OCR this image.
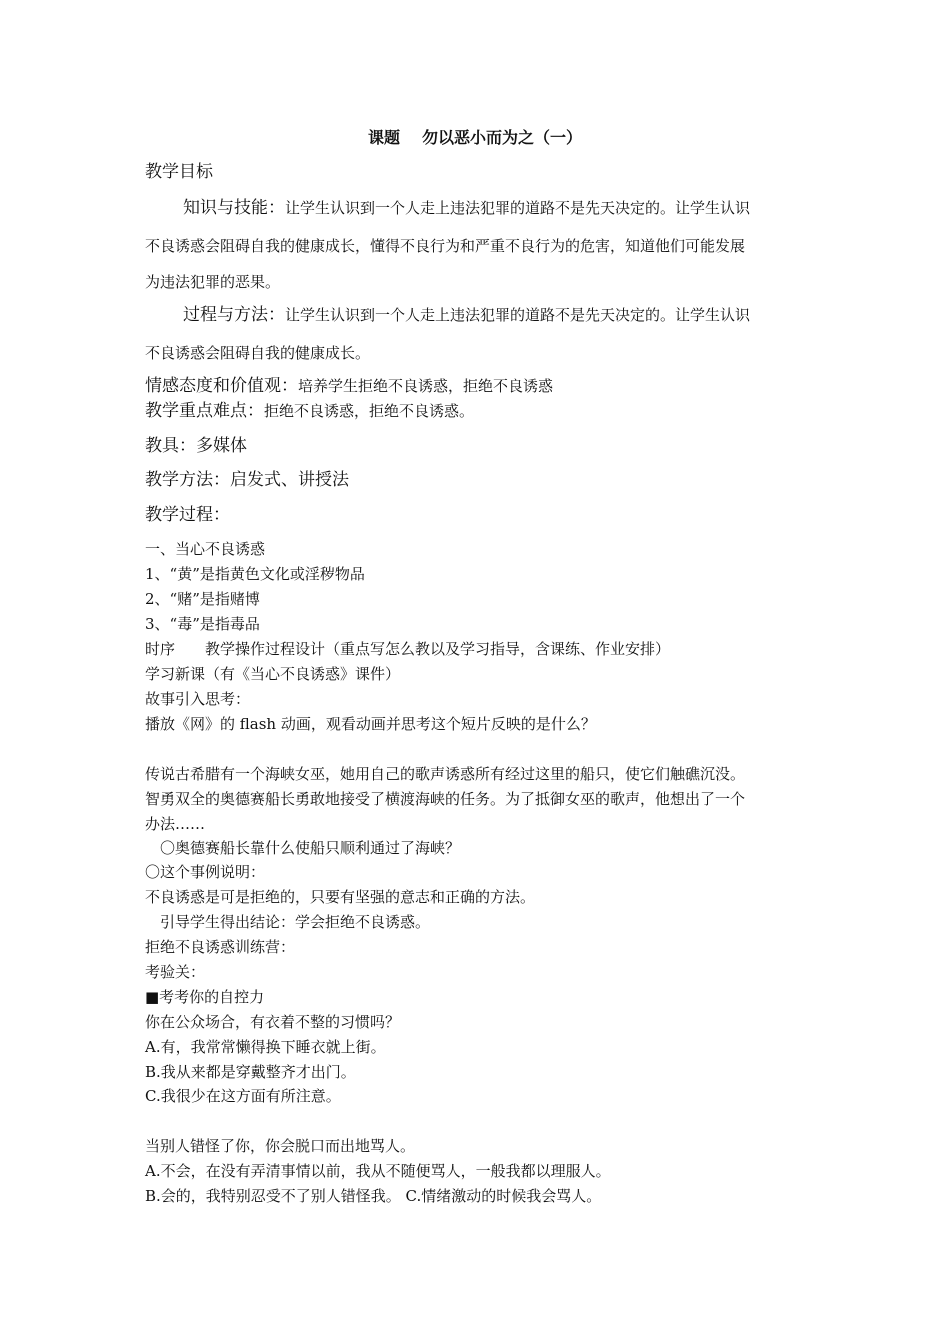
课题 勿以恶小而为之（一）
教学目标
知识与技能：让学生认识到一个人走上违法犯罪的道路不是先天决定的。让学生认识
不良诱惑会阻碍自我的健康成长，懂得不良行为和严重不良行为的危害，知道他们可能发展
为违法犯罪的恶果。
过程与方法：让学生认识到一个人走上违法犯罪的道路不是先天决定的。让学生认识
不良诱惑会阻碍自我的健康成长。
情感态度和价值观：培养学生拒绝不良诱惑，拒绝不良诱惑
教学重点难点：拒绝不良诱惑，拒绝不良诱惑。
教具：多媒体
教学方法：启发式、讲授法
教学过程：
一、当心不良诱惑
1、“黄”是指黄色文化或淫秽物品
2、“赌”是指赌博
3、“毒”是指毒品
时序　　教学操作过程设计（重点写怎么教以及学习指导，含课练、作业安排）
学习新课（有《当心不良诱惑》课件）
故事引入思考：
播放《网》的 flash 动画，观看动画并思考这个短片反映的是什么？
传说古希腊有一个海峡女巫，她用自己的歌声诱惑所有经过这里的船只，使它们触礁沉没。
智勇双全的奥德赛船长勇敢地接受了横渡海峡的任务。为了抵御女巫的歌声，他想出了一个
办法……
　〇奥德赛船长靠什么使船只顺利通过了海峡？
〇这个事例说明：
不良诱惑是可是拒绝的，只要有坚强的意志和正确的方法。
　引导学生得出结论：学会拒绝不良诱惑。
拒绝不良诱惑训练营：
考验关：
■考考你的自控力
你在公众场合，有衣着不整的习惯吗？
A.有，我常常懒得换下睡衣就上街。
B.我从来都是穿戴整齐才出门。
C.我很少在这方面有所注意。
当别人错怪了你，你会脱口而出地骂人。
A.不会，在没有弄清事情以前，我从不随便骂人，一般我都以理服人。
B.会的，我特别忍受不了别人错怪我。 C.情绪激动的时候我会骂人。
